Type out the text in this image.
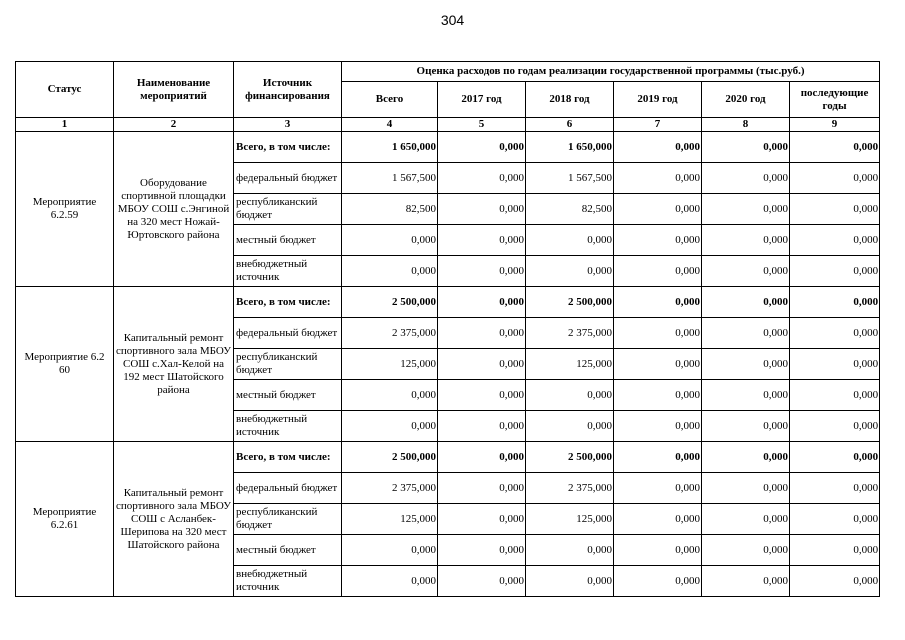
304
Статус	Наименование мероприятий	Источник финансирования	Оценка расходов по годам реализации государственной программы (тыс.руб.)					
			Всего	2017 год	2018 год	2019 год	2020 год	последующие годы
1	2	3	4	5	6	7	8	9
Мероприятие 6.2.59	Оборудование спортивной площадки МБОУ СОШ с.Энгиной на 320 мест Ножай-Юртовского района	Всего, в том числе:	1 650,000	0,000	1 650,000	0,000	0,000	0,000
		федеральный бюджет	1 567,500	0,000	1 567,500	0,000	0,000	0,000
		республиканский бюджет	82,500	0,000	82,500	0,000	0,000	0,000
		местный бюджет	0,000	0,000	0,000	0,000	0,000	0,000
		внебюджетный источник	0,000	0,000	0,000	0,000	0,000	0,000
Мероприятие 6.2 60	Капитальный ремонт спортивного зала МБОУ СОШ с.Хал-Келой на 192 мест Шатойского района	Всего, в том числе:	2 500,000	0,000	2 500,000	0,000	0,000	0,000
		федеральный бюджет	2 375,000	0,000	2 375,000	0,000	0,000	0,000
		республиканский бюджет	125,000	0,000	125,000	0,000	0,000	0,000
		местный бюджет	0,000	0,000	0,000	0,000	0,000	0,000
		внебюджетный источник	0,000	0,000	0,000	0,000	0,000	0,000
Мероприятие 6.2.61	Капитальный ремонт спортивного зала МБОУ СОШ с Асланбек-Шерипова на 320 мест Шатойского района	Всего, в том числе:	2 500,000	0,000	2 500,000	0,000	0,000	0,000
		федеральный бюджет	2 375,000	0,000	2 375,000	0,000	0,000	0,000
		республиканский бюджет	125,000	0,000	125,000	0,000	0,000	0,000
		местный бюджет	0,000	0,000	0,000	0,000	0,000	0,000
		внебюджетный источник	0,000	0,000	0,000	0,000	0,000	0,000
